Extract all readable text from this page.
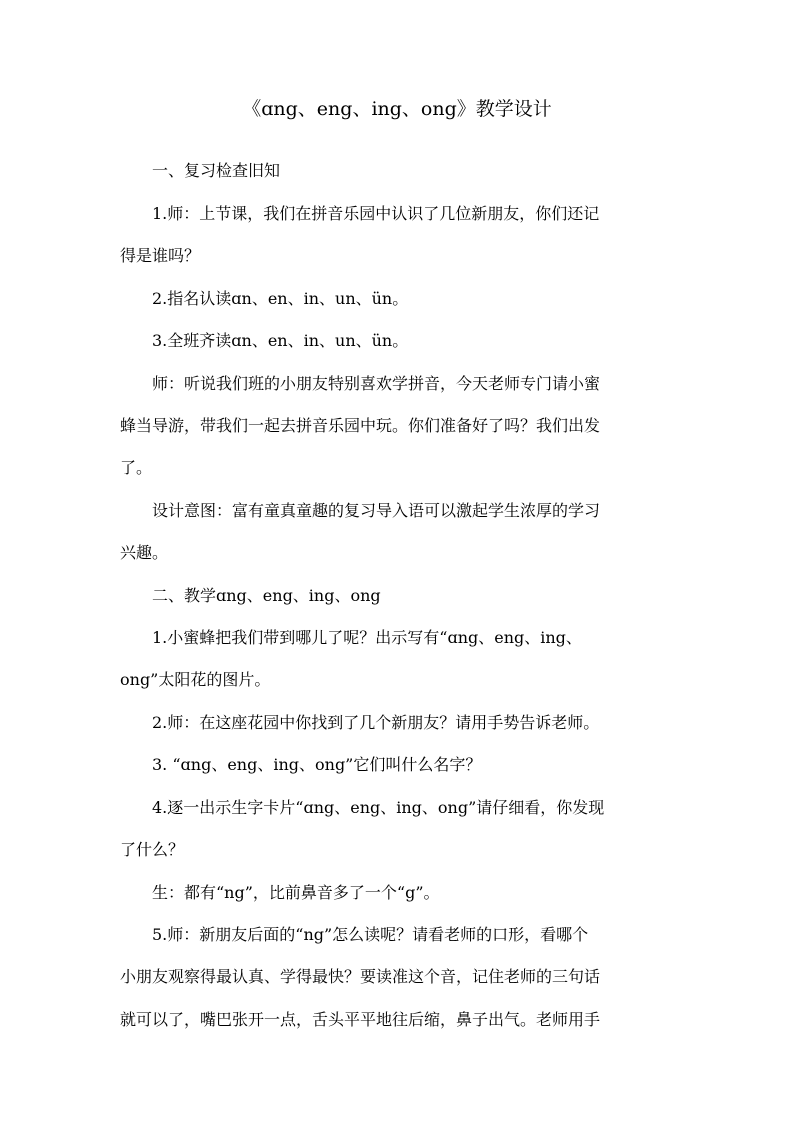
《ɑng、eng、ing、ong》教学设计
一、复习检查旧知
1.师：上节课，我们在拼音乐园中认识了几位新朋友，你们还记
得是谁吗？
2.指名认读ɑn、en、in、un、ün。
3.全班齐读ɑn、en、in、un、ün。
师：听说我们班的小朋友特别喜欢学拼音，今天老师专门请小蜜
蜂当导游，带我们一起去拼音乐园中玩。你们准备好了吗？我们出发
了。
设计意图：富有童真童趣的复习导入语可以激起学生浓厚的学习
兴趣。
二、教学ɑng、eng、ing、ong
1.小蜜蜂把我们带到哪儿了呢？出示写有“ɑng、eng、ing、
ong”太阳花的图片。
2.师：在这座花园中你找到了几个新朋友？请用手势告诉老师。
3. “ɑng、eng、ing、ong”它们叫什么名字？
4.逐一出示生字卡片“ɑng、eng、ing、ong”请仔细看，你发现
了什么？
生：都有“ng”，比前鼻音多了一个“g”。
5.师：新朋友后面的“ng”怎么读呢？请看老师的口形，看哪个
小朋友观察得最认真、学得最快？要读准这个音，记住老师的三句话
就可以了，嘴巴张开一点，舌头平平地往后缩，鼻子出气。老师用手
